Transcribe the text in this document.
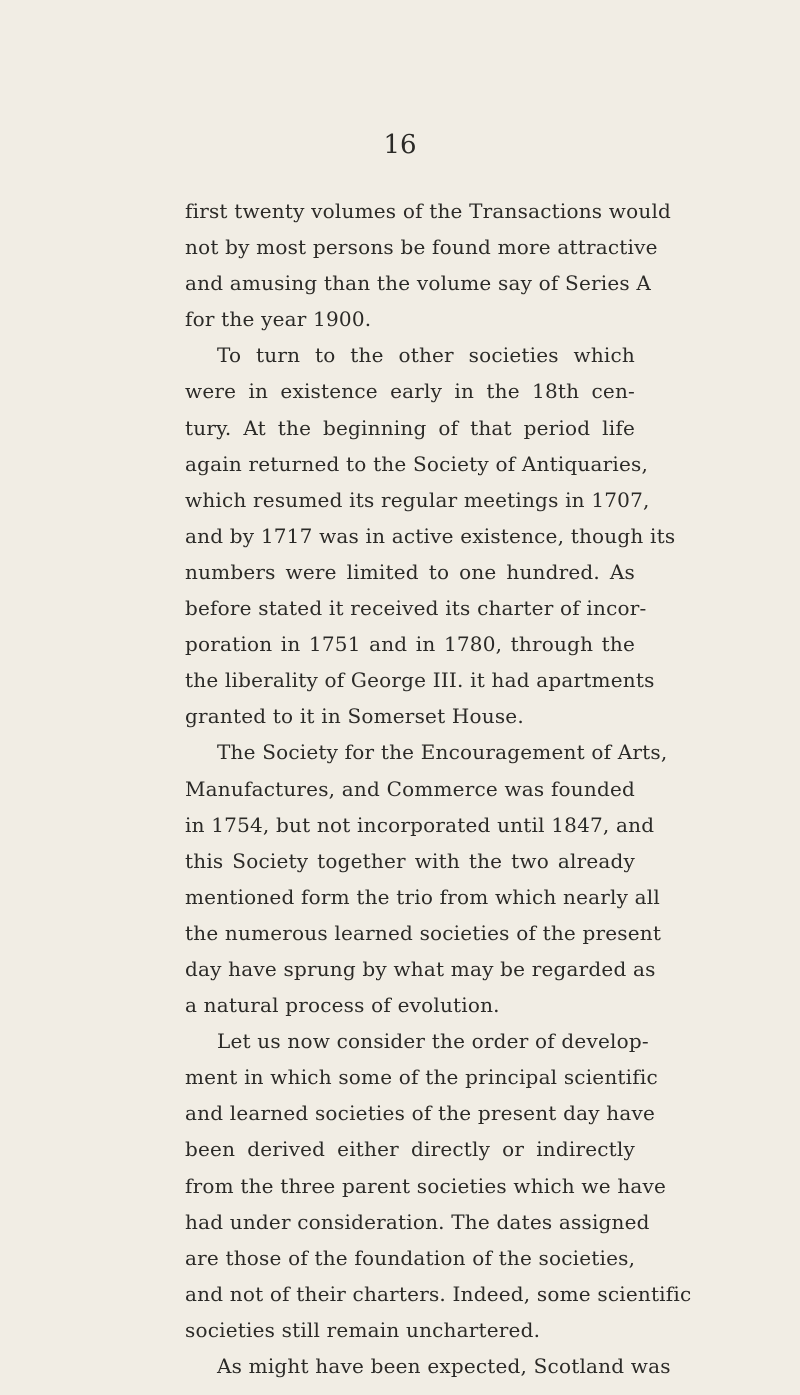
16
first twenty volumes of the Transactions would
not by most persons be found more attractive
and amusing than the volume say of Series A
for the year 1900.
To turn to the other societies which
were in existence early in the 18th cen-
tury. At the beginning of that period life
again returned to the Society of Antiquaries,
which resumed its regular meetings in 1707,
and by 1717 was in active existence, though its
numbers were limited to one hundred. As
before stated it received its charter of incor-
poration in 1751 and in 1780, through the
the liberality of George III. it had apartments
granted to it in Somerset House.
The Society for the Encouragement of Arts,
Manufactures, and Commerce was founded
in 1754, but not incorporated until 1847, and
this Society together with the two already
mentioned form the trio from which nearly all
the numerous learned societies of the present
day have sprung by what may be regarded as
a natural process of evolution.
Let us now consider the order of develop-
ment in which some of the principal scientific
and learned societies of the present day have
been derived either directly or indirectly
from the three parent societies which we have
had under consideration. The dates assigned
are those of the foundation of the societies,
and not of their charters. Indeed, some scientific
societies still remain unchartered.
As might have been expected, Scotland was
